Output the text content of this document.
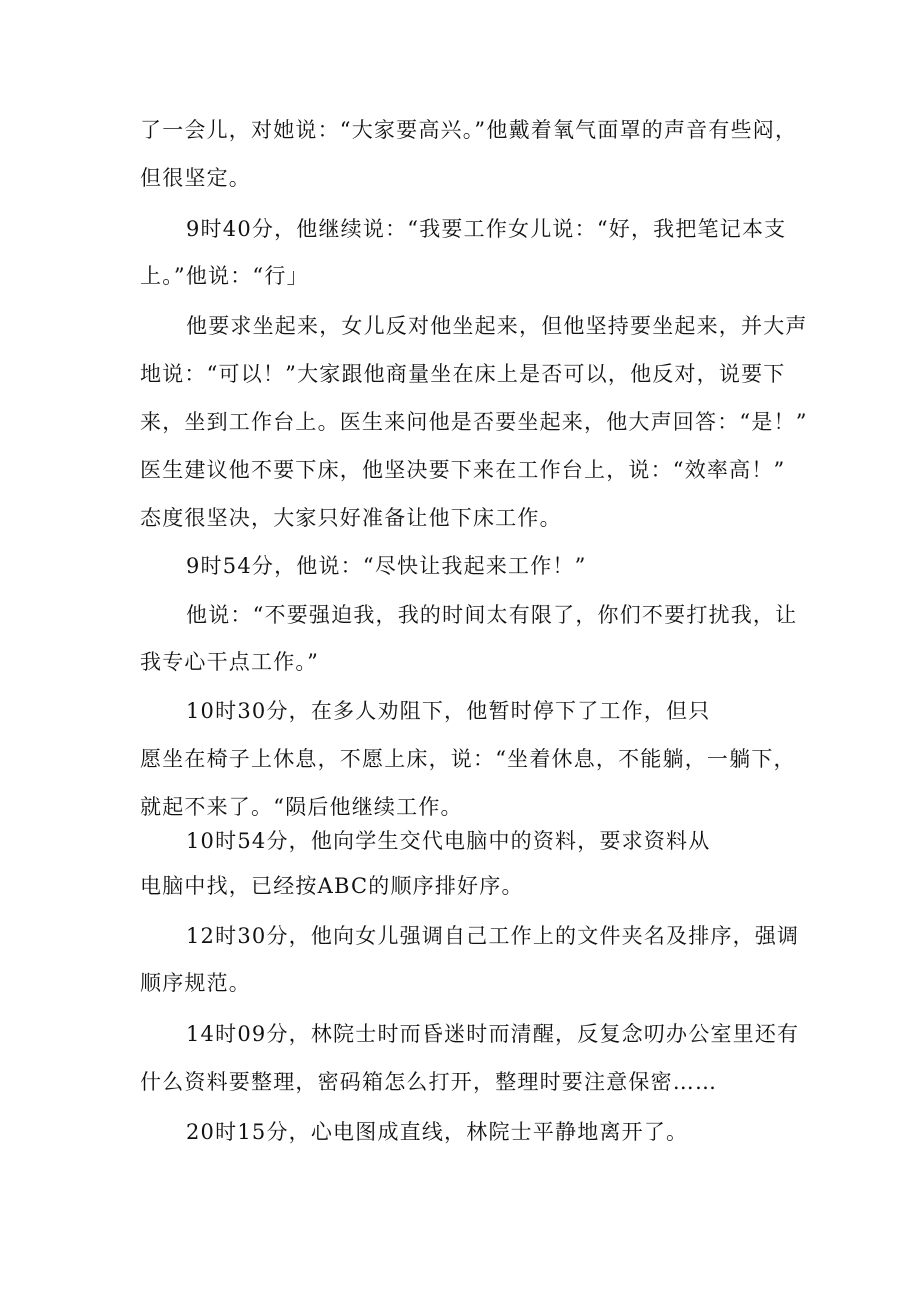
了一会儿，对她说：“大家要高兴。”他戴着氧气面罩的声音有些闷，
但很坚定。
9时40分，他继续说：“我要工作女儿说：“好，我把笔记本支
上。”他说：“行」
他要求坐起来，女儿反对他坐起来，但他坚持要坐起来，并大声
地说：“可以！”大家跟他商量坐在床上是否可以，他反对，说要下
来，坐到工作台上。医生来问他是否要坐起来，他大声回答：“是！”
医生建议他不要下床，他坚决要下来在工作台上，说：“效率高！”
态度很坚决，大家只好准备让他下床工作。
9时54分，他说：“尽快让我起来工作！”
他说：“不要强迫我，我的时间太有限了，你们不要打扰我，让
我专心干点工作。”
10时30分，在多人劝阻下，他暂时停下了工作，但只
愿坐在椅子上休息，不愿上床，说：“坐着休息，不能躺，一躺下，
就起不来了。“陨后他继续工作。
10时54分，他向学生交代电脑中的资料，要求资料从
电脑中找，已经按ABC的顺序排好序。
12时30分，他向女儿强调自己工作上的文件夹名及排序，强调
顺序规范。
14时09分，林院士时而昏迷时而清醒，反复念叨办公室里还有
什么资料要整理，密码箱怎么打开，整理时要注意保密……
20时15分，心电图成直线，林院士平静地离开了。
